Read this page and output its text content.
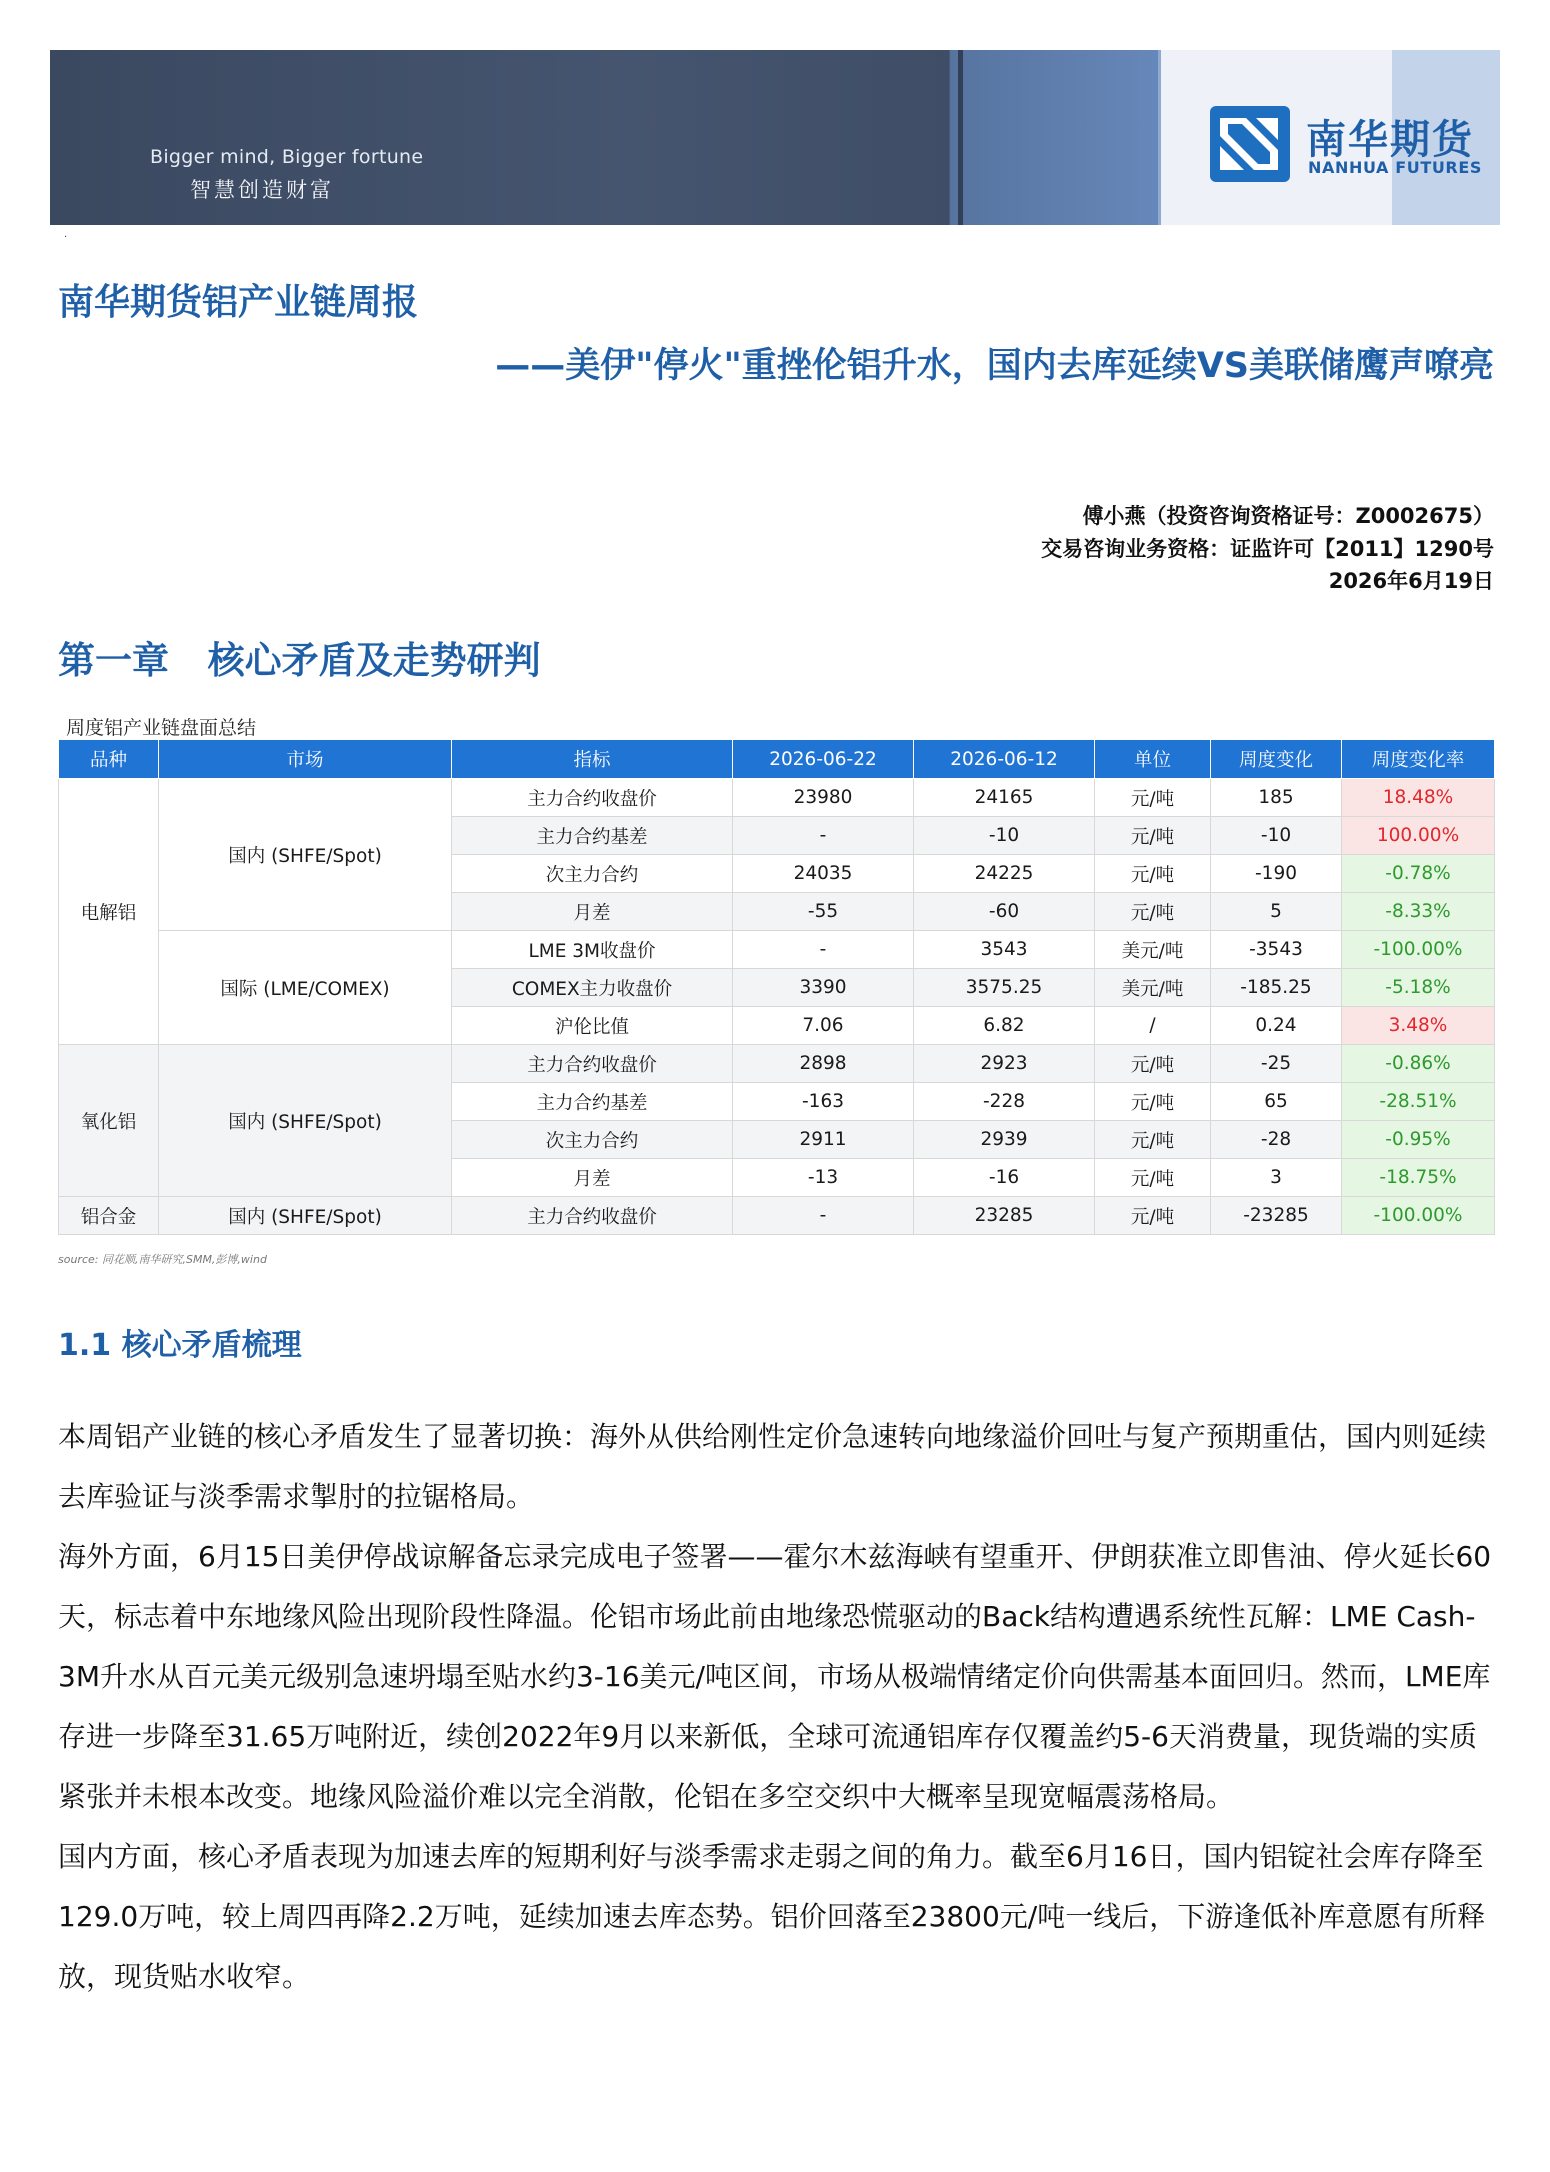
Bigger mind, Bigger fortune
智慧创造财富
南华期货
NANHUA FUTURES
·
南华期货铝产业链周报
——美伊"停火"重挫伦铝升水，国内去库延续VS美联储鹰声嘹亮
傅小燕（投资咨询资格证号：Z0002675）
交易咨询业务资格：证监许可【2011】1290号
2026年6月19日
第一章   核心矛盾及走势研判
周度铝产业链盘面总结
品种	市场	指标	2026-06-22	2026-06-12	单位	周度变化	周度变化率
电解铝	国内 (SHFE/Spot)	主力合约收盘价	23980	24165	元/吨	185	18.48%
		主力合约基差	-	-10	元/吨	-10	100.00%
		次主力合约	24035	24225	元/吨	-190	-0.78%
		月差	-55	-60	元/吨	5	-8.33%
	国际 (LME/COMEX)	LME 3M收盘价	-	3543	美元/吨	-3543	-100.00%
		COMEX主力收盘价	3390	3575.25	美元/吨	-185.25	-5.18%
		沪伦比值	7.06	6.82	/	0.24	3.48%
氧化铝	国内 (SHFE/Spot)	主力合约收盘价	2898	2923	元/吨	-25	-0.86%
		主力合约基差	-163	-228	元/吨	65	-28.51%
		次主力合约	2911	2939	元/吨	-28	-0.95%
		月差	-13	-16	元/吨	3	-18.75%
铝合金	国内 (SHFE/Spot)	主力合约收盘价	-	23285	元/吨	-23285	-100.00%
source: 同花顺,南华研究,SMM,彭博,wind
1.1 核心矛盾梳理

本周铝产业链的核心矛盾发生了显著切换：海外从供给刚性定价急速转向地缘溢价回吐与复产预期重估，国内则延续去库验证与淡季需求掣肘的拉锯格局。

海外方面，6月15日美伊停战谅解备忘录完成电子签署——霍尔木兹海峡有望重开、伊朗获准立即售油、停火延长60天，标志着中东地缘风险出现阶段性降温。伦铝市场此前由地缘恐慌驱动的Back结构遭遇系统性瓦解：LME Cash-3M升水从百元美元级别急速坍塌至贴水约3-16美元/吨区间，市场从极端情绪定价向供需基本面回归。然而，LME库存进一步降至31.65万吨附近，续创2022年9月以来新低，全球可流通铝库存仅覆盖约5-6天消费量，现货端的实质紧张并未根本改变。地缘风险溢价难以完全消散，伦铝在多空交织中大概率呈现宽幅震荡格局。

国内方面，核心矛盾表现为加速去库的短期利好与淡季需求走弱之间的角力。截至6月16日，国内铝锭社会库存降至129.0万吨，较上周四再降2.2万吨，延续加速去库态势。铝价回落至23800元/吨一线后，下游逢低补库意愿有所释放，现货贴水收窄。
